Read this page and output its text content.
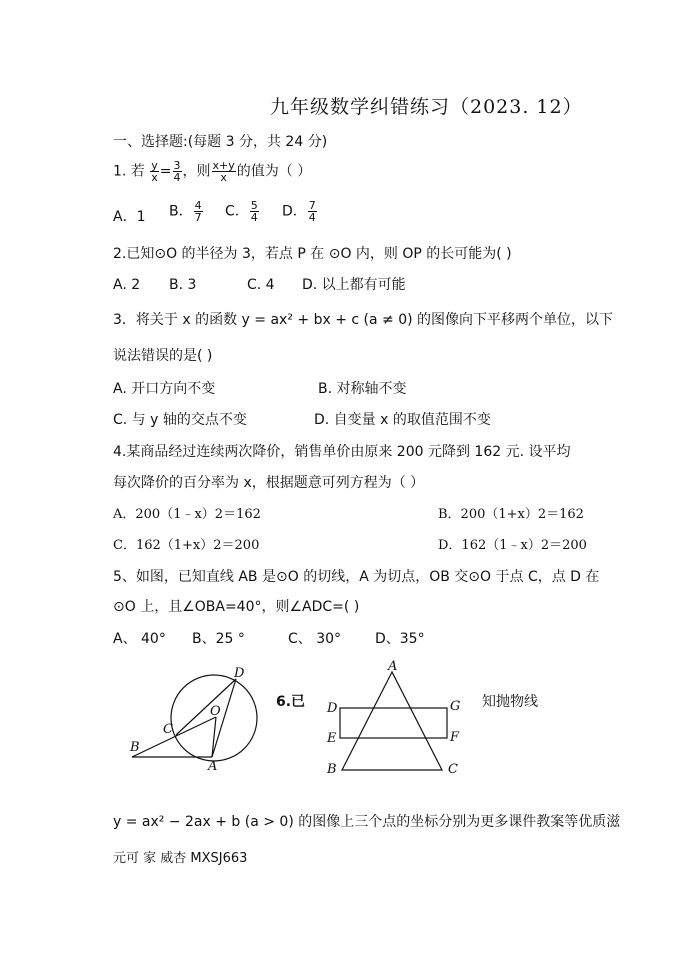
九年级数学纠错练习（2023. 12）
一、选择题:(每题 3 分，共 24 分)
1. 若 $\frac{y}{x} = \frac{3}{4}$ ，则 $\frac{x+y}{x}$ 的值为（ ）
A．1 B． $\frac{4}{7}$ C． $\frac{5}{4}$ D． $\frac{7}{4}$
2.已知⊙O 的半径为 3，若点 P 在 ⊙O 内，则 OP 的长可能为( )
A. 2 B. 3	C. 4 D. 以上都有可能
3．将关于 x 的函数 y = ax² + bx + c (a ≠ 0) 的图像向下平移两个单位，以下
说法错误的是( )
A. 开口方向不变	B. 对称轴不变
C. 与 y 轴的交点不变	D. 自变量 x 的取值范围不变
4.某商品经过连续两次降价，销售单价由原来 200 元降到 162 元. 设平均
每次降价的百分率为 x，根据题意可列方程为（ ）
A．200（1﹣x）2＝162	B．200（1+x）2＝162
C．162（1+x）2＝200	D．162（1﹣x）2＝200
5、如图，已知直线 AB 是⊙O 的切线，A 为切点，OB 交⊙O 于点 C，点 D 在
⊙O 上，且∠OBA=40°，则∠ADC=( )
A、 40° B、25 °	C、 30° D、35°
D
O
C
B
A
6.已
A
D	G
E	F
B	C
知抛物线
y = ax² − 2ax + b (a > 0) 的图像上三个点的坐标分别为更多课件教案等优质滋
元可 家 威杏 MXSJ663
